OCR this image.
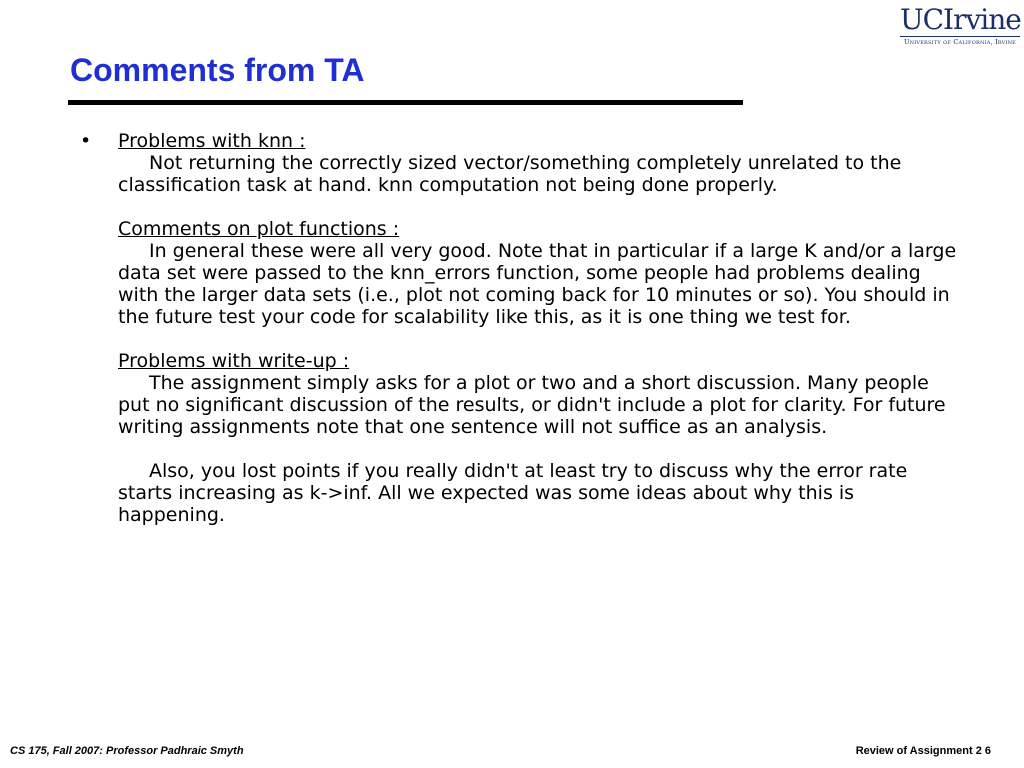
UCIrvine
University of California, Irvine
Comments from TA
• Problems with knn :

Not returning the correctly sized vector/something completely unrelated to the classification task at hand. knn computation not being done properly.

Comments on plot functions :

In general these were all very good. Note that in particular if a large K and/or a large data set were passed to the knn_errors function, some people had problems dealing with the larger data sets (i.e., plot not coming back for 10 minutes or so). You should in the future test your code for scalability like this, as it is one thing we test for.

Problems with write-up :

The assignment simply asks for a plot or two and a short discussion. Many people put no significant discussion of the results, or didn't include a plot for clarity. For future writing assignments note that one sentence will not suffice as an analysis.

Also, you lost points if you really didn't at least try to discuss why the error rate starts increasing as k->inf. All we expected was some ideas about why this is happening.

CS 175, Fall 2007: Professor Padhraic Smyth	Review of Assignment 2 6
